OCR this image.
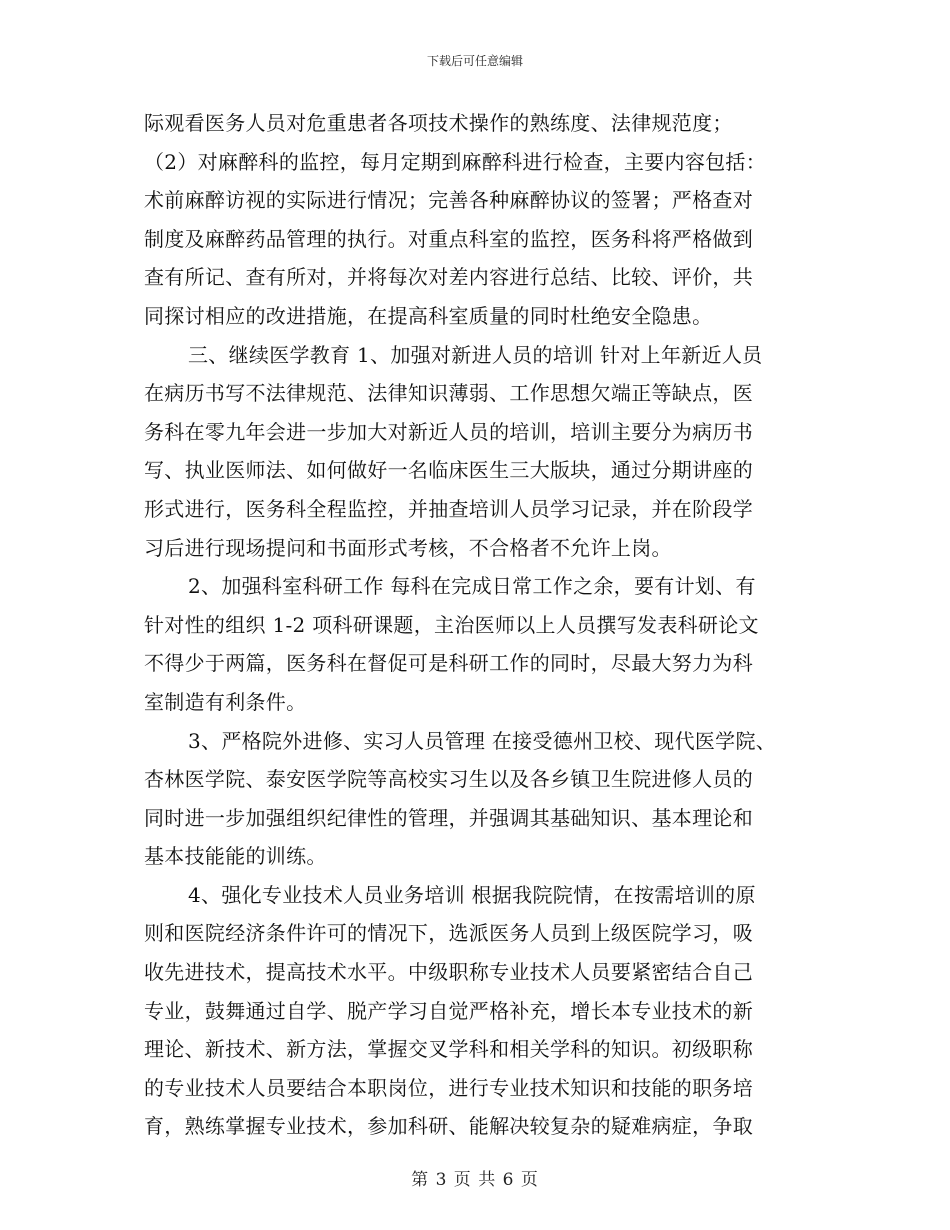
下载后可任意编辑
际观看医务人员对危重患者各项技术操作的熟练度、法律规范度；
（2）对麻醉科的监控，每月定期到麻醉科进行检查，主要内容包括：
术前麻醉访视的实际进行情况；完善各种麻醉协议的签署；严格查对
制度及麻醉药品管理的执行。对重点科室的监控，医务科将严格做到
查有所记、查有所对，并将每次对差内容进行总结、比较、评价，共
同探讨相应的改进措施，在提高科室质量的同时杜绝安全隐患。
三、继续医学教育 1、加强对新进人员的培训 针对上年新近人员
在病历书写不法律规范、法律知识薄弱、工作思想欠端正等缺点，医
务科在零九年会进一步加大对新近人员的培训，培训主要分为病历书
写、执业医师法、如何做好一名临床医生三大版块，通过分期讲座的
形式进行，医务科全程监控，并抽查培训人员学习记录，并在阶段学
习后进行现场提问和书面形式考核，不合格者不允许上岗。
2、加强科室科研工作 每科在完成日常工作之余，要有计划、有
针对性的组织 1-2 项科研课题，主治医师以上人员撰写发表科研论文
不得少于两篇，医务科在督促可是科研工作的同时，尽最大努力为科
室制造有利条件。
3、严格院外进修、实习人员管理 在接受德州卫校、现代医学院、
杏林医学院、泰安医学院等高校实习生以及各乡镇卫生院进修人员的
同时进一步加强组织纪律性的管理，并强调其基础知识、基本理论和
基本技能能的训练。
4、强化专业技术人员业务培训 根据我院院情，在按需培训的原
则和医院经济条件许可的情况下，选派医务人员到上级医院学习，吸
收先进技术，提高技术水平。中级职称专业技术人员要紧密结合自己
专业，鼓舞通过自学、脱产学习自觉严格补充，增长本专业技术的新
理论、新技术、新方法，掌握交叉学科和相关学科的知识。初级职称
的专业技术人员要结合本职岗位，进行专业技术知识和技能的职务培
育，熟练掌握专业技术，参加科研、能解决较复杂的疑难病症，争取
第 3 页 共 6 页
